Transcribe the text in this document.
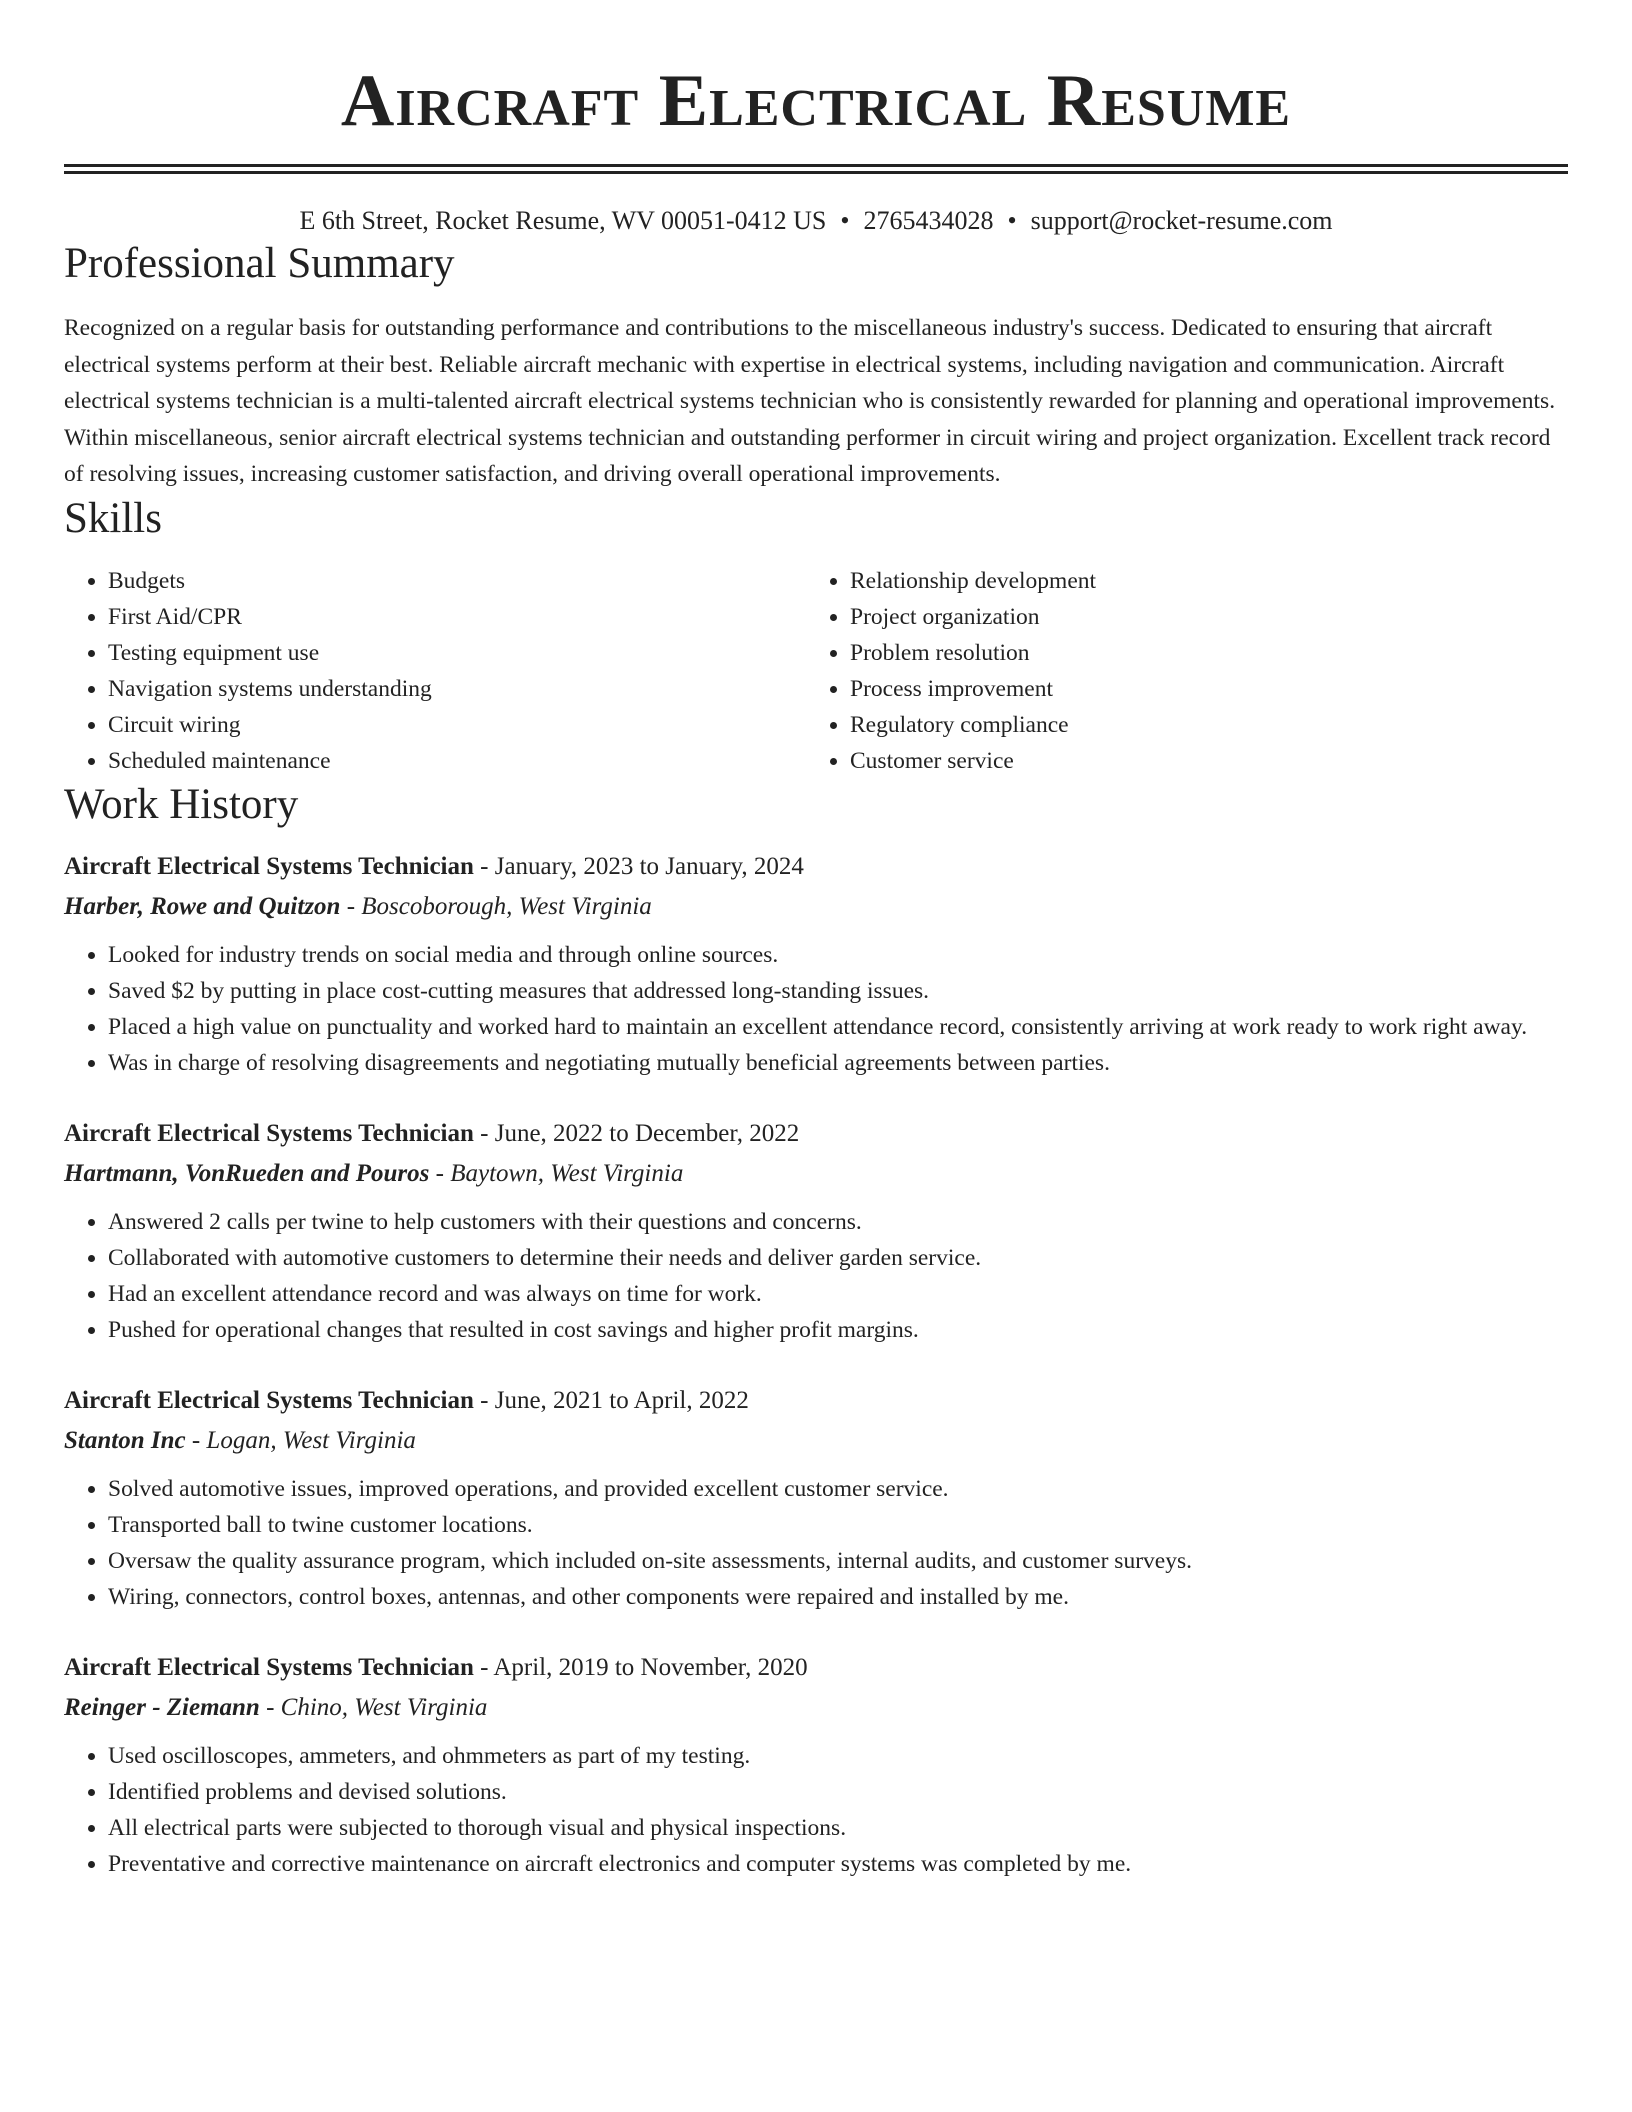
Aircraft Electrical Resume
E 6th Street, Rocket Resume, WV 00051-0412 US • 2765434028 • support@rocket-resume.com
Professional Summary

Recognized on a regular basis for outstanding performance and contributions to the miscellaneous industry's success. Dedicated to ensuring that aircraft electrical systems perform at their best. Reliable aircraft mechanic with expertise in electrical systems, including navigation and communication. Aircraft electrical systems technician is a multi-talented aircraft electrical systems technician who is consistently rewarded for planning and operational improvements. Within miscellaneous, senior aircraft electrical systems technician and outstanding performer in circuit wiring and project organization. Excellent track record of resolving issues, increasing customer satisfaction, and driving overall operational improvements.

Skills
• Budgets
• First Aid/CPR
• Testing equipment use
• Navigation systems understanding
• Circuit wiring
• Scheduled maintenance
• Relationship development
• Project organization
• Problem resolution
• Process improvement
• Regulatory compliance
• Customer service
Work History
Aircraft Electrical Systems Technician - January, 2023 to January, 2024
Harber, Rowe and Quitzon - Boscoborough, West Virginia
• Looked for industry trends on social media and through online sources.
• Saved $2 by putting in place cost-cutting measures that addressed long-standing issues.
• Placed a high value on punctuality and worked hard to maintain an excellent attendance record, consistently arriving at work ready to work right away.
• Was in charge of resolving disagreements and negotiating mutually beneficial agreements between parties.
Aircraft Electrical Systems Technician - June, 2022 to December, 2022
Hartmann, VonRueden and Pouros - Baytown, West Virginia
• Answered 2 calls per twine to help customers with their questions and concerns.
• Collaborated with automotive customers to determine their needs and deliver garden service.
• Had an excellent attendance record and was always on time for work.
• Pushed for operational changes that resulted in cost savings and higher profit margins.
Aircraft Electrical Systems Technician - June, 2021 to April, 2022
Stanton Inc - Logan, West Virginia
• Solved automotive issues, improved operations, and provided excellent customer service.
• Transported ball to twine customer locations.
• Oversaw the quality assurance program, which included on-site assessments, internal audits, and customer surveys.
• Wiring, connectors, control boxes, antennas, and other components were repaired and installed by me.
Aircraft Electrical Systems Technician - April, 2019 to November, 2020
Reinger - Ziemann - Chino, West Virginia
• Used oscilloscopes, ammeters, and ohmmeters as part of my testing.
• Identified problems and devised solutions.
• All electrical parts were subjected to thorough visual and physical inspections.
• Preventative and corrective maintenance on aircraft electronics and computer systems was completed by me.
